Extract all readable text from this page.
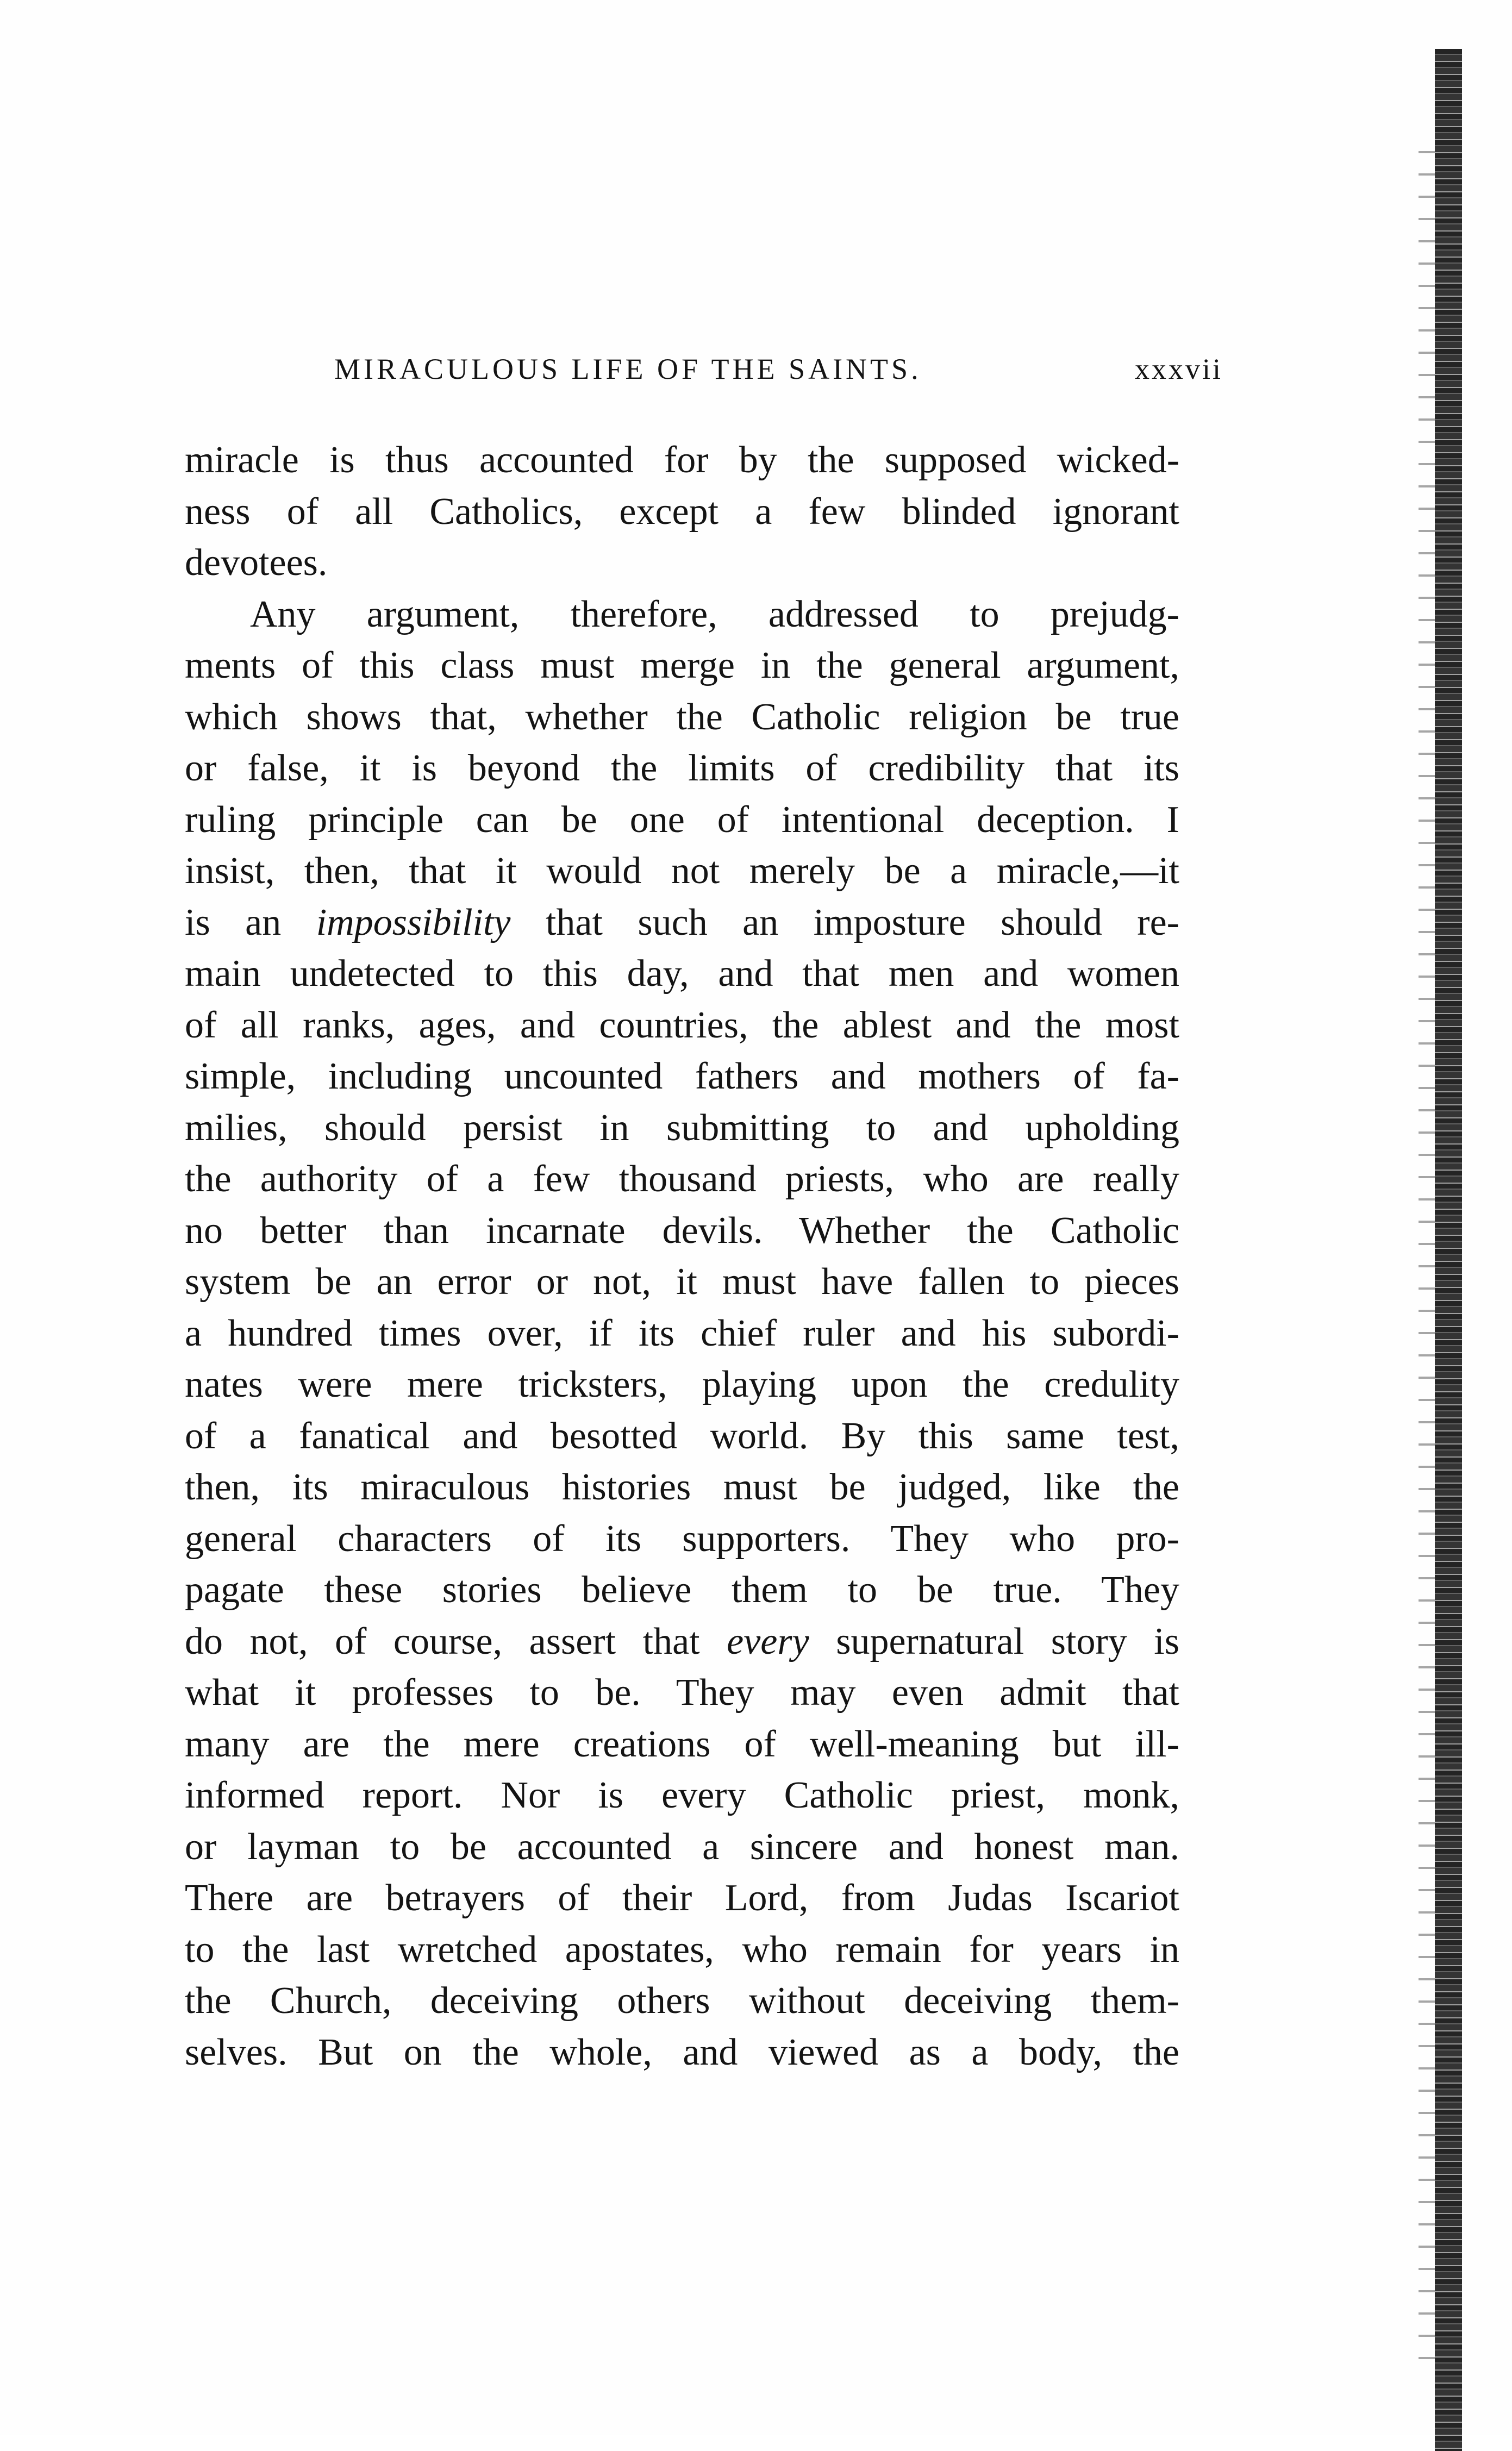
MIRACULOUS LIFE OF THE SAINTS.	xxxvii
miracle is thus accounted for by the supposed wicked-
ness of all Catholics, except a few blinded ignorant
devotees.
Any argument, therefore, addressed to prejudg-
ments of this class must merge in the general argument,
which shows that, whether the Catholic religion be true
or false, it is beyond the limits of credibility that its
ruling principle can be one of intentional deception. I
insist, then, that it would not merely be a miracle,—it
is an impossibility that such an imposture should re-
main undetected to this day, and that men and women
of all ranks, ages, and countries, the ablest and the most
simple, including uncounted fathers and mothers of fa-
milies, should persist in submitting to and upholding
the authority of a few thousand priests, who are really
no better than incarnate devils. Whether the Catholic
system be an error or not, it must have fallen to pieces
a hundred times over, if its chief ruler and his subordi-
nates were mere tricksters, playing upon the credulity
of a fanatical and besotted world. By this same test,
then, its miraculous histories must be judged, like the
general characters of its supporters. They who pro-
pagate these stories believe them to be true. They
do not, of course, assert that every supernatural story is
what it professes to be. They may even admit that
many are the mere creations of well-meaning but ill-
informed report. Nor is every Catholic priest, monk,
or layman to be accounted a sincere and honest man.
There are betrayers of their Lord, from Judas Iscariot
to the last wretched apostates, who remain for years in
the Church, deceiving others without deceiving them-
selves. But on the whole, and viewed as a body, the
